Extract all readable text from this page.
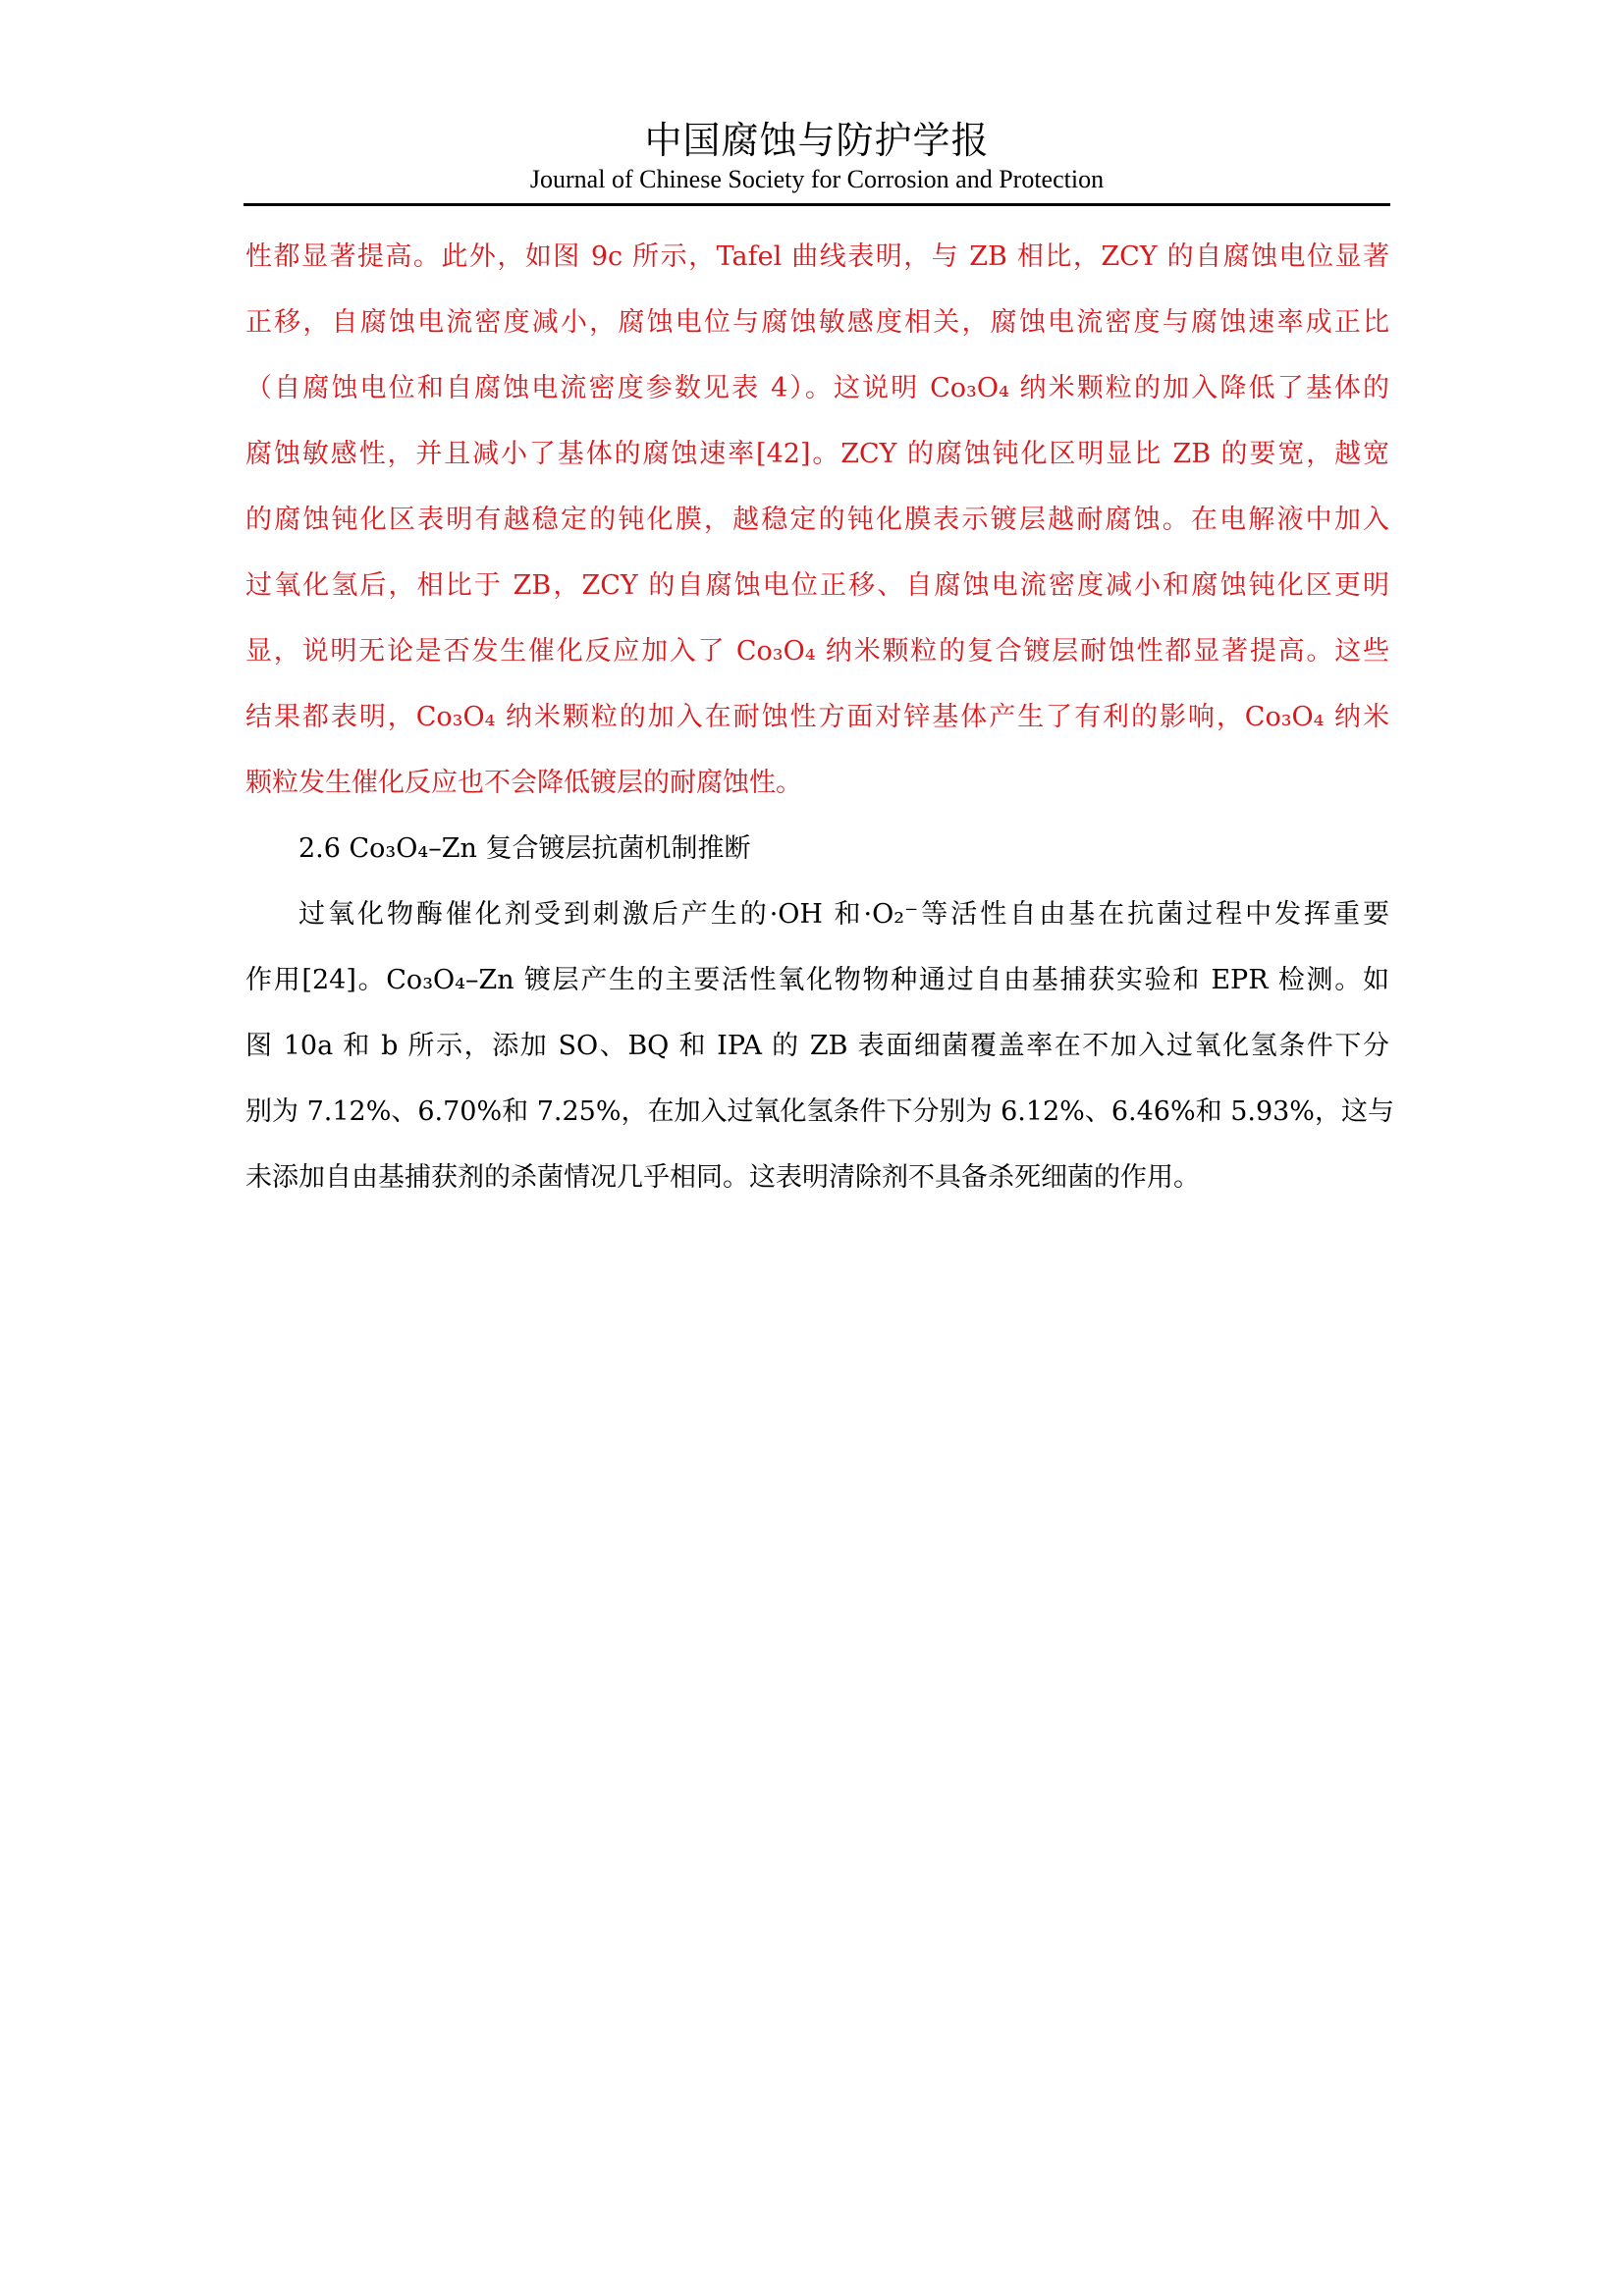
中国腐蚀与防护学报
Journal of Chinese Society for Corrosion and Protection
性都显著提高。此外，如图 9c 所示，Tafel 曲线表明，与 ZB 相比，ZCY 的自腐蚀电位显著
正移，自腐蚀电流密度减小，腐蚀电位与腐蚀敏感度相关，腐蚀电流密度与腐蚀速率成正比
（自腐蚀电位和自腐蚀电流密度参数见表 4）。这说明 Co₃O₄ 纳米颗粒的加入降低了基体的
腐蚀敏感性，并且减小了基体的腐蚀速率[42]。ZCY 的腐蚀钝化区明显比 ZB 的要宽，越宽
的腐蚀钝化区表明有越稳定的钝化膜，越稳定的钝化膜表示镀层越耐腐蚀。在电解液中加入
过氧化氢后，相比于 ZB，ZCY 的自腐蚀电位正移、自腐蚀电流密度减小和腐蚀钝化区更明
显，说明无论是否发生催化反应加入了 Co₃O₄ 纳米颗粒的复合镀层耐蚀性都显著提高。这些
结果都表明，Co₃O₄ 纳米颗粒的加入在耐蚀性方面对锌基体产生了有利的影响，Co₃O₄ 纳米
颗粒发生催化反应也不会降低镀层的耐腐蚀性。
2.6 Co₃O₄–Zn 复合镀层抗菌机制推断
过氧化物酶催化剂受到刺激后产生的·OH 和·O₂⁻等活性自由基在抗菌过程中发挥重要
作用[24]。Co₃O₄–Zn 镀层产生的主要活性氧化物物种通过自由基捕获实验和 EPR 检测。如
图 10a 和 b 所示，添加 SO、BQ 和 IPA 的 ZB 表面细菌覆盖率在不加入过氧化氢条件下分
别为 7.12%、6.70%和 7.25%，在加入过氧化氢条件下分别为 6.12%、6.46%和 5.93%，这与
未添加自由基捕获剂的杀菌情况几乎相同。这表明清除剂不具备杀死细菌的作用。
